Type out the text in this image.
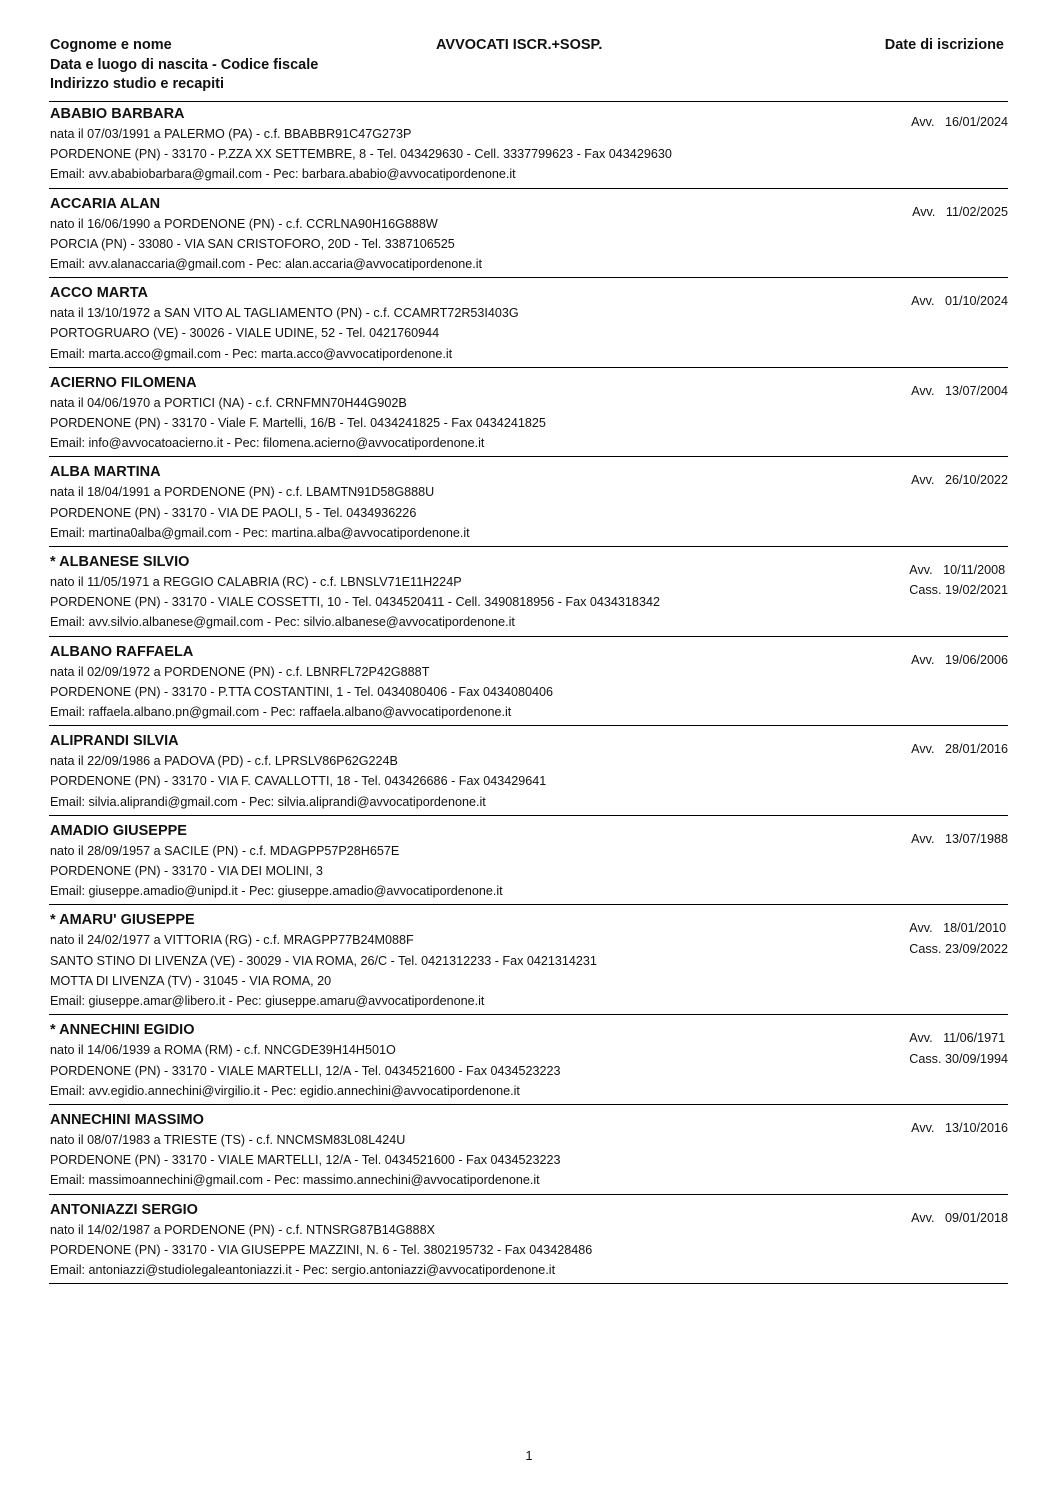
Cognome e nome
Data e luogo di nascita - Codice fiscale
Indirizzo studio e recapiti
AVVOCATI ISCR.+SOSP.	Date di iscrizione
ABABIO BARBARA
nata il 07/03/1991 a PALERMO (PA) - c.f. BBABBR91C47G273P
PORDENONE (PN) - 33170 - P.ZZA XX SETTEMBRE, 8 - Tel. 043429630 - Cell. 3337799623 - Fax 043429630
Email: avv.ababiobarbara@gmail.com - Pec: barbara.ababio@avvocatipordenone.it
Avv.   16/01/2024
ACCARIA ALAN
nato il 16/06/1990 a PORDENONE (PN) - c.f. CCRLNA90H16G888W
PORCIA (PN) - 33080 - VIA SAN CRISTOFORO, 20D - Tel. 3387106525
Email: avv.alanaccaria@gmail.com - Pec: alan.accaria@avvocatipordenone.it
Avv.   11/02/2025
ACCO MARTA
nata il 13/10/1972 a SAN VITO AL TAGLIAMENTO (PN) - c.f. CCAMRT72R53I403G
PORTOGRUARO (VE) - 30026 - VIALE UDINE, 52 - Tel. 0421760944
Email: marta.acco@gmail.com - Pec: marta.acco@avvocatipordenone.it
Avv.   01/10/2024
ACIERNO FILOMENA
nata il 04/06/1970 a PORTICI (NA) - c.f. CRNFMN70H44G902B
PORDENONE (PN) - 33170 - Viale F. Martelli, 16/B - Tel. 0434241825 - Fax 0434241825
Email: info@avvocatoacierno.it - Pec: filomena.acierno@avvocatipordenone.it
Avv.   13/07/2004
ALBA MARTINA
nata il 18/04/1991 a PORDENONE (PN) - c.f. LBAMTN91D58G888U
PORDENONE (PN) - 33170 - VIA DE PAOLI, 5 - Tel. 0434936226
Email: martina0alba@gmail.com - Pec: martina.alba@avvocatipordenone.it
Avv.   26/10/2022
* ALBANESE SILVIO
nato il 11/05/1971 a REGGIO CALABRIA (RC) - c.f. LBNSLV71E11H224P
PORDENONE (PN) - 33170 - VIALE COSSETTI, 10 - Tel. 0434520411 - Cell. 3490818956 - Fax 0434318342
Email: avv.silvio.albanese@gmail.com - Pec: silvio.albanese@avvocatipordenone.it
Avv.   10/11/2008
Cass. 19/02/2021
ALBANO RAFFAELA
nata il 02/09/1972 a PORDENONE (PN) - c.f. LBNRFL72P42G888T
PORDENONE (PN) - 33170 - P.TTA COSTANTINI, 1 - Tel. 0434080406 - Fax 0434080406
Email: raffaela.albano.pn@gmail.com - Pec: raffaela.albano@avvocatipordenone.it
Avv.   19/06/2006
ALIPRANDI SILVIA
nata il 22/09/1986 a PADOVA (PD) - c.f. LPRSLV86P62G224B
PORDENONE (PN) - 33170 - VIA F. CAVALLOTTI, 18 - Tel. 043426686 - Fax 043429641
Email: silvia.aliprandi@gmail.com - Pec: silvia.aliprandi@avvocatipordenone.it
Avv.   28/01/2016
AMADIO GIUSEPPE
nato il 28/09/1957 a SACILE (PN) - c.f. MDAGPP57P28H657E
PORDENONE (PN) - 33170 - VIA DEI MOLINI, 3
Email: giuseppe.amadio@unipd.it - Pec: giuseppe.amadio@avvocatipordenone.it
Avv.   13/07/1988
* AMARU' GIUSEPPE
nato il 24/02/1977 a VITTORIA (RG) - c.f. MRAGPP77B24M088F
SANTO STINO DI LIVENZA (VE) - 30029 - VIA ROMA, 26/C - Tel. 0421312233 - Fax 0421314231
MOTTA DI LIVENZA (TV) - 31045 - VIA ROMA, 20
Email: giuseppe.amar@libero.it - Pec: giuseppe.amaru@avvocatipordenone.it
Avv.   18/01/2010
Cass. 23/09/2022
* ANNECHINI EGIDIO
nato il 14/06/1939 a ROMA (RM) - c.f. NNCGDE39H14H501O
PORDENONE (PN) - 33170 - VIALE MARTELLI, 12/A - Tel. 0434521600 - Fax 0434523223
Email: avv.egidio.annechini@virgilio.it - Pec: egidio.annechini@avvocatipordenone.it
Avv.   11/06/1971
Cass. 30/09/1994
ANNECHINI MASSIMO
nato il 08/07/1983 a TRIESTE (TS) - c.f. NNCMSM83L08L424U
PORDENONE (PN) - 33170 - VIALE MARTELLI, 12/A - Tel. 0434521600 - Fax 0434523223
Email: massimoannechini@gmail.com - Pec: massimo.annechini@avvocatipordenone.it
Avv.   13/10/2016
ANTONIAZZI SERGIO
nato il 14/02/1987 a PORDENONE (PN) - c.f. NTNSRG87B14G888X
PORDENONE (PN) - 33170 - VIA GIUSEPPE MAZZINI, N. 6 - Tel. 3802195732 - Fax 043428486
Email: antoniazzi@studiolegaleantoniazzi.it - Pec: sergio.antoniazzi@avvocatipordenone.it
Avv.   09/01/2018
1
